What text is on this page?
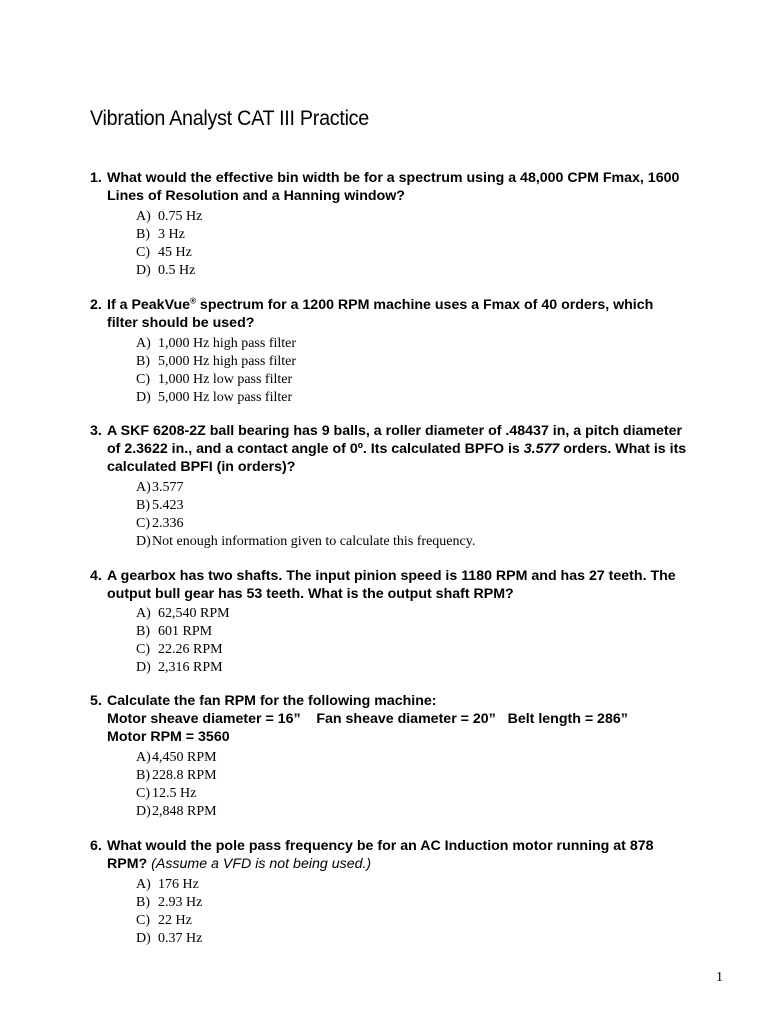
Vibration Analyst CAT III Practice
1. What would the effective bin width be for a spectrum using a 48,000 CPM Fmax, 1600
Lines of Resolution and a Hanning window?
A) 0.75 Hz
B) 3 Hz
C) 45 Hz
D) 0.5 Hz
2. If a PeakVue® spectrum for a 1200 RPM machine uses a Fmax of 40 orders, which
filter should be used?
A) 1,000 Hz high pass filter
B) 5,000 Hz high pass filter
C) 1,000 Hz low pass filter
D) 5,000 Hz low pass filter
3. A SKF 6208-2Z ball bearing has 9 balls, a roller diameter of .48437 in, a pitch diameter
of 2.3622 in., and a contact angle of 0º. Its calculated BPFO is 3.577 orders. What is its
calculated BPFI (in orders)?
A)3.577
B) 5.423
C) 2.336
D)Not enough information given to calculate this frequency.
4. A gearbox has two shafts. The input pinion speed is 1180 RPM and has 27 teeth. The
output bull gear has 53 teeth. What is the output shaft RPM?
A) 62,540 RPM
B) 601 RPM
C) 22.26 RPM
D) 2,316 RPM
5. Calculate the fan RPM for the following machine:
Motor sheave diameter = 16”    Fan sheave diameter = 20”   Belt length = 286”
Motor RPM = 3560
A)4,450 RPM
B) 228.8 RPM
C) 12.5 Hz
D)2,848 RPM
6. What would the pole pass frequency be for an AC Induction motor running at 878
RPM? (Assume a VFD is not being used.)
A) 176 Hz
B) 2.93 Hz
C) 22 Hz
D) 0.37 Hz
1
